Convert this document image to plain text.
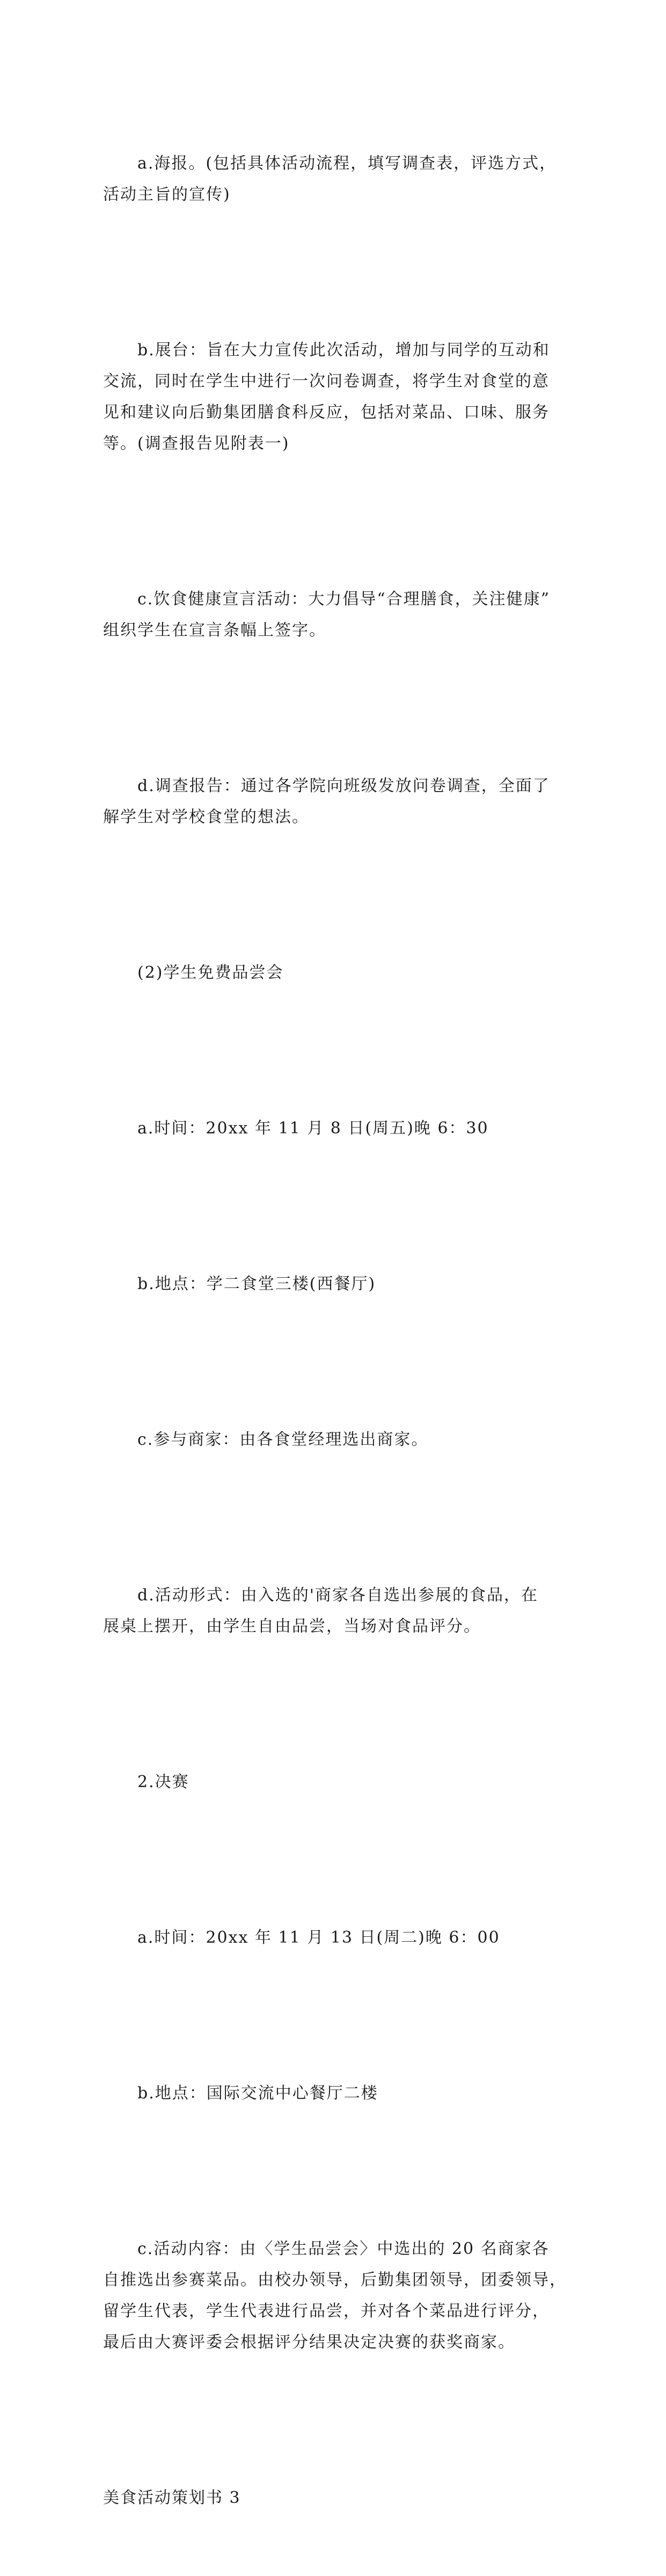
a.海报。(包括具体活动流程，填写调查表，评选方式，
活动主旨的宣传)

b.展台：旨在大力宣传此次活动，增加与同学的互动和
交流，同时在学生中进行一次问卷调查，将学生对食堂的意
见和建议向后勤集团膳食科反应，包括对菜品、口味、服务
等。(调查报告见附表一)

c.饮食健康宣言活动：大力倡导“合理膳食，关注健康”
组织学生在宣言条幅上签字。

d.调查报告：通过各学院向班级发放问卷调查，全面了
解学生对学校食堂的想法。

(2)学生免费品尝会

a.时间：20xx 年 11 月 8 日(周五)晚 6：30

b.地点：学二食堂三楼(西餐厅)

c.参与商家：由各食堂经理选出商家。

d.活动形式：由入选的'商家各自选出参展的食品，在
展桌上摆开，由学生自由品尝，当场对食品评分。

2.决赛

a.时间：20xx 年 11 月 13 日(周二)晚 6：00

b.地点：国际交流中心餐厅二楼

c.活动内容：由〈学生品尝会〉中选出的 20 名商家各
自推选出参赛菜品。由校办领导，后勤集团领导，团委领导，
留学生代表，学生代表进行品尝，并对各个菜品进行评分，
最后由大赛评委会根据评分结果决定决赛的获奖商家。

美食活动策划书 3
